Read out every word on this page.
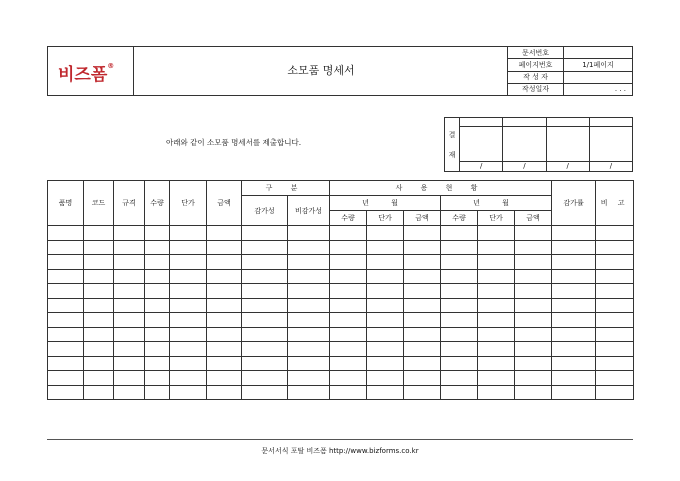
비즈폼®	소모품 명세서
문서번호	
페이지번호	1/1페이지
작 성 자	
작성일자	. . .
아래와 같이 소모품 명세서를 제출합니다.
결
재				

	/	/	/	/
품명	코드	규격	수량	단가	금액	구 분		사 용 현 황						감가률	비 고
						감가성	비감가성	년 월			년 월				
								수량	단가	금액	수량	단가	금액		

문서서식 포탈 비즈폼 http://www.bizforms.co.kr
